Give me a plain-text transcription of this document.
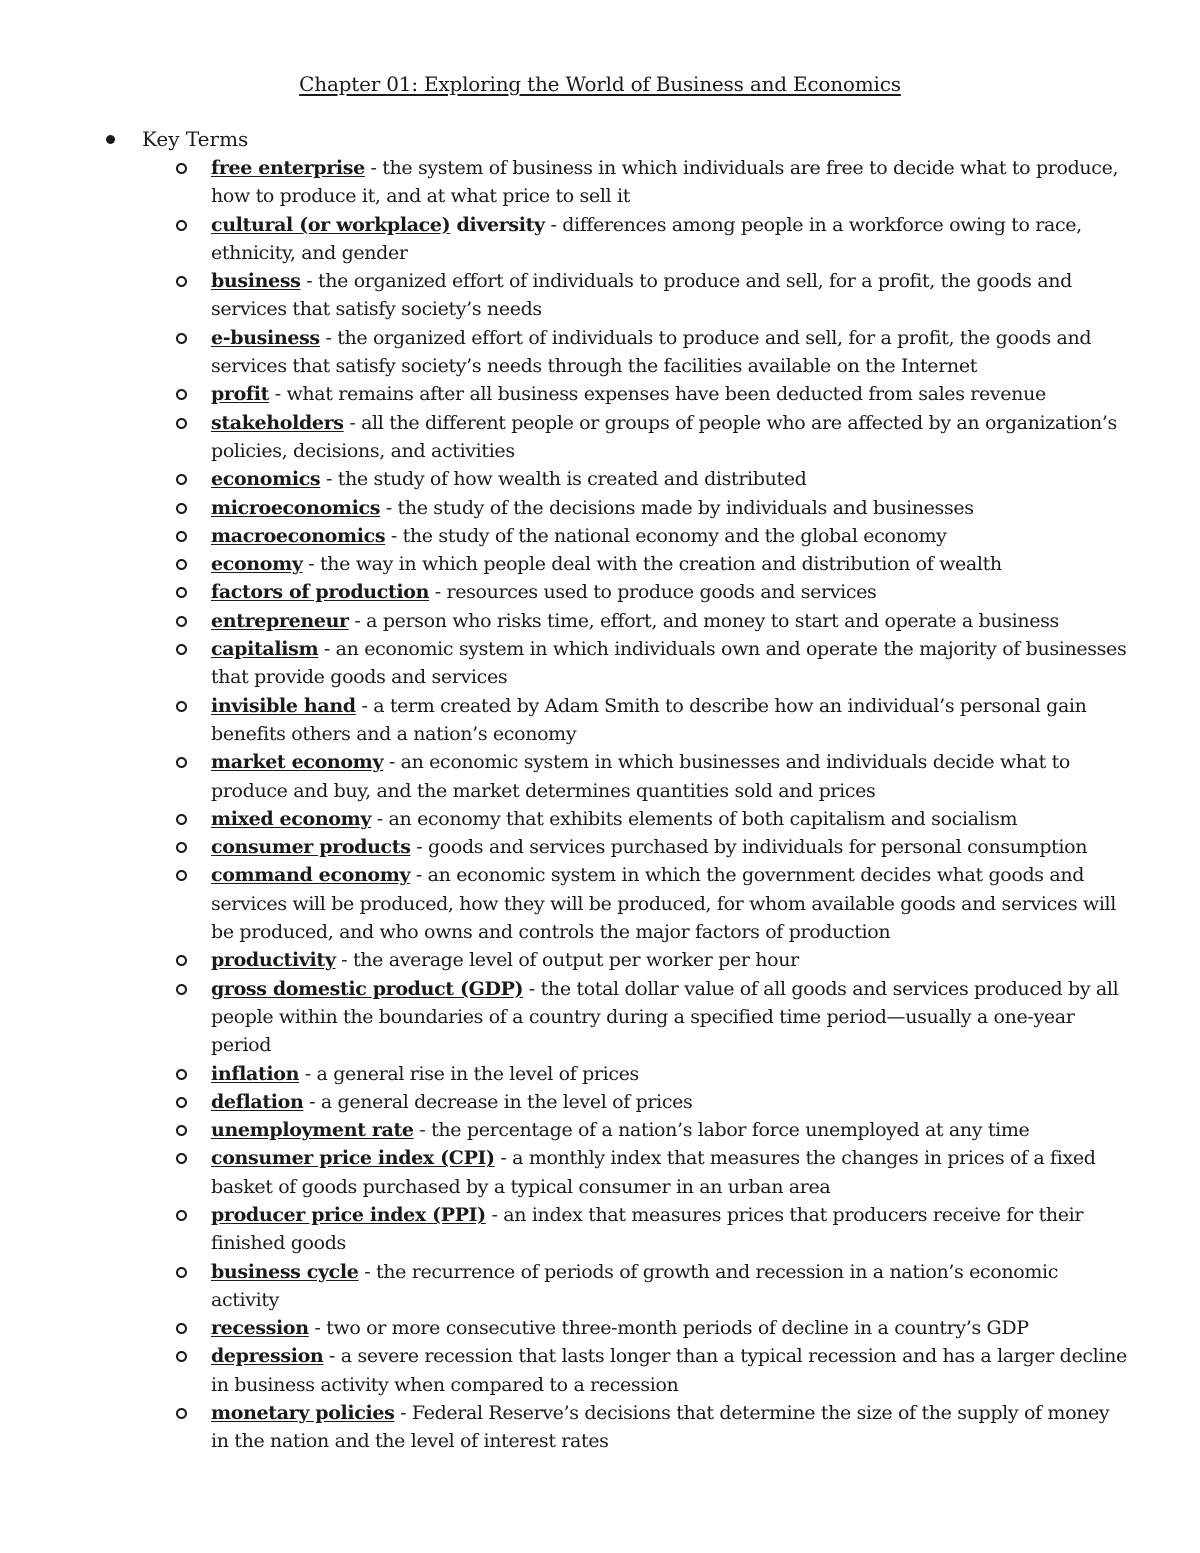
Chapter 01: Exploring the World of Business and Economics
Key Terms
free enterprise - the system of business in which individuals are free to decide what to produce, how to produce it, and at what price to sell it
cultural (or workplace) diversity - differences among people in a workforce owing to race, ethnicity, and gender
business - the organized effort of individuals to produce and sell, for a profit, the goods and services that satisfy society’s needs
e-business - the organized effort of individuals to produce and sell, for a profit, the goods and services that satisfy society’s needs through the facilities available on the Internet
profit - what remains after all business expenses have been deducted from sales revenue
stakeholders - all the different people or groups of people who are affected by an organization’s policies, decisions, and activities
economics - the study of how wealth is created and distributed
microeconomics - the study of the decisions made by individuals and businesses
macroeconomics - the study of the national economy and the global economy
economy - the way in which people deal with the creation and distribution of wealth
factors of production - resources used to produce goods and services
entrepreneur - a person who risks time, effort, and money to start and operate a business
capitalism - an economic system in which individuals own and operate the majority of businesses that provide goods and services
invisible hand - a term created by Adam Smith to describe how an individual’s personal gain benefits others and a nation’s economy
market economy - an economic system in which businesses and individuals decide what to produce and buy, and the market determines quantities sold and prices
mixed economy - an economy that exhibits elements of both capitalism and socialism
consumer products - goods and services purchased by individuals for personal consumption
command economy - an economic system in which the government decides what goods and services will be produced, how they will be produced, for whom available goods and services will be produced, and who owns and controls the major factors of production
productivity - the average level of output per worker per hour
gross domestic product (GDP) - the total dollar value of all goods and services produced by all people within the boundaries of a country during a specified time period—usually a one-year period
inflation - a general rise in the level of prices
deflation - a general decrease in the level of prices
unemployment rate - the percentage of a nation’s labor force unemployed at any time
consumer price index (CPI) - a monthly index that measures the changes in prices of a fixed basket of goods purchased by a typical consumer in an urban area
producer price index (PPI) - an index that measures prices that producers receive for their finished goods
business cycle - the recurrence of periods of growth and recession in a nation’s economic activity
recession - two or more consecutive three-month periods of decline in a country’s GDP
depression - a severe recession that lasts longer than a typical recession and has a larger decline in business activity when compared to a recession
monetary policies - Federal Reserve’s decisions that determine the size of the supply of money in the nation and the level of interest rates
